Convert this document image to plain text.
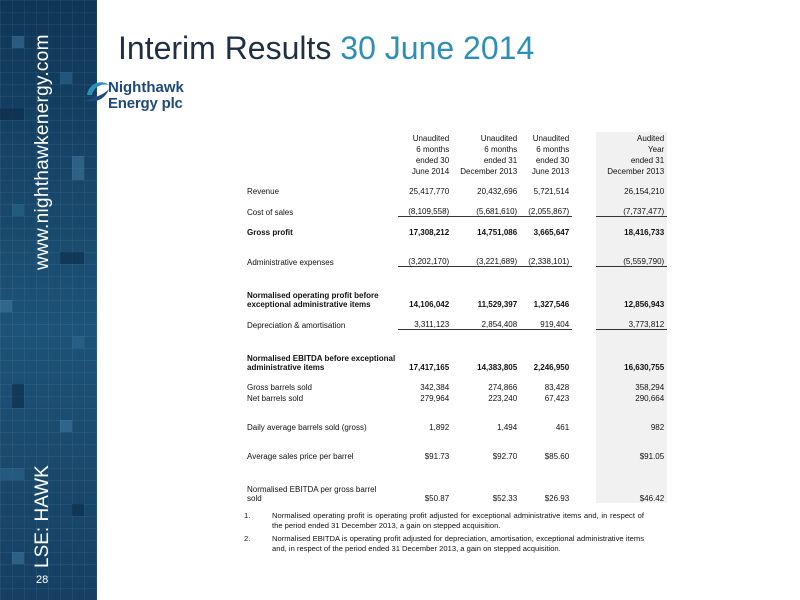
www.nighthawkenergy.com
LSE: HAWK
28
Interim Results 30 June 2014
Nighthawk
Energy plc
	Unaudited	Unaudited	Unaudited		Audited
	6 months	6 months	6 months		Year
	ended 30	ended 31	ended 30		ended 31
	June 2014	December 2013	June 2013		December 2013

Revenue	25,417,770	20,432,696	5,721,514		26,154,210

Cost of sales	(8,109,558)	(5,681,610)	(2,055,867)		(7,737,477)

Gross profit	17,308,212	14,751,086	3,665,647		18,416,733

Administrative expenses	(3,202,170)	(3,221,689)	(2,338,101)		(5,559,790)

Normalised operating profit before
exceptional administrative items	14,106,042	11,529,397	1,327,546		12,856,943

Depreciation & amortisation	3,311,123	2,854,408	919,404		3,773,812

Normalised EBITDA before exceptional
administrative items	17,417,165	14,383,805	2,246,950		16,630,755

Gross barrels sold	342,384	274,866	83,428		358,294
Net barrels sold	279,964	223,240	67,423		290,664

Daily average barrels sold (gross)	1,892	1,494	461		982

Average sales price per barrel	$91.73	$92.70	$85.60		$91.05

Normalised EBITDA per gross barrel
sold	$50.87	$52.33	$26.93		$46.42
1.	Normalised operating profit is operating profit adjusted for exceptional administrative items and, in respect of the period ended 31 December 2013, a gain on stepped acquisition.
2.	Normalised EBITDA is operating profit adjusted for depreciation, amortisation, exceptional administrative items and, in respect of the period ended 31 December 2013, a gain on stepped acquisition.
